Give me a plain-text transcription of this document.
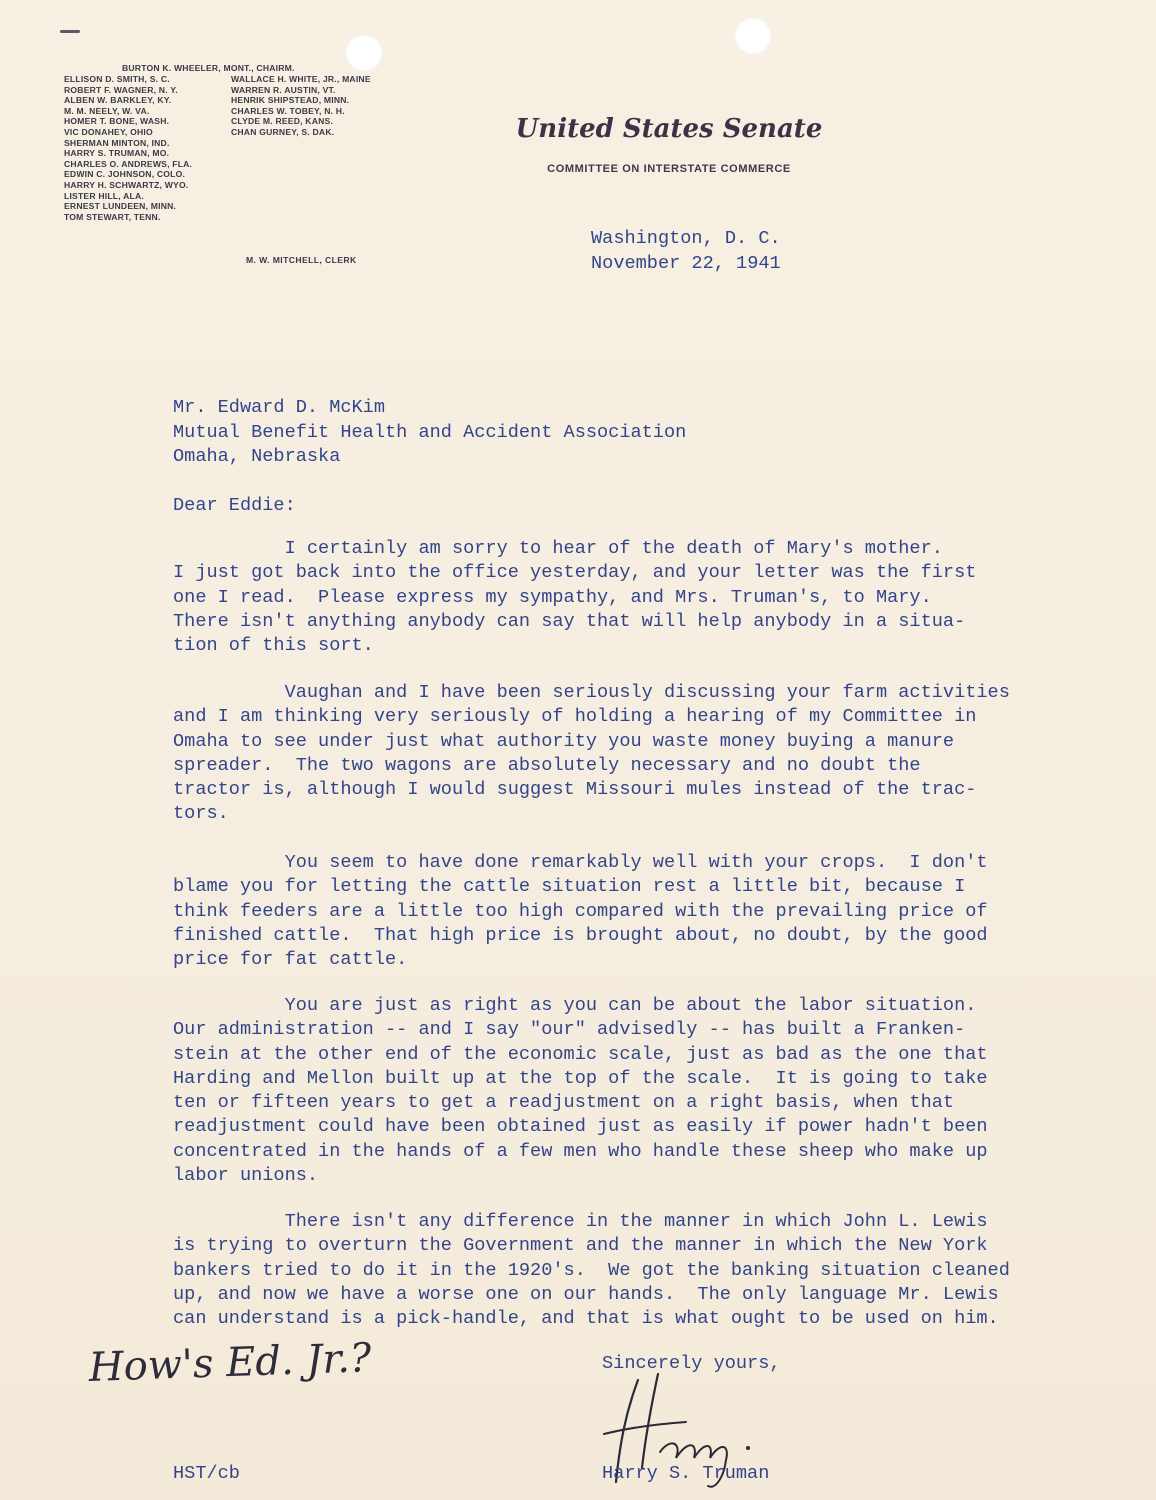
BURTON K. WHEELER, MONT., CHAIRM.
ELLISON D. SMITH, S. C.
ROBERT F. WAGNER, N. Y.
ALBEN W. BARKLEY, KY.
M. M. NEELY, W. VA.
HOMER T. BONE, WASH.
VIC DONAHEY, OHIO
SHERMAN MINTON, IND.
HARRY S. TRUMAN, MO.
CHARLES O. ANDREWS, FLA.
EDWIN C. JOHNSON, COLO.
HARRY H. SCHWARTZ, WYO.
LISTER HILL, ALA.
ERNEST LUNDEEN, MINN.
TOM STEWART, TENN.
WALLACE H. WHITE, JR., MAINE
WARREN R. AUSTIN, VT.
HENRIK SHIPSTEAD, MINN.
CHARLES W. TOBEY, N. H.
CLYDE M. REED, KANS.
CHAN GURNEY, S. DAK.
M. W. MITCHELL, CLERK
United States Senate
COMMITTEE ON INTERSTATE COMMERCE
Washington, D. C.
November 22, 1941
Mr. Edward D. McKim
Mutual Benefit Health and Accident Association
Omaha, Nebraska
Dear Eddie:
I certainly am sorry to hear of the death of Mary's mother.
I just got back into the office yesterday, and your letter was the first
one I read.  Please express my sympathy, and Mrs. Truman's, to Mary.
There isn't anything anybody can say that will help anybody in a situa-
tion of this sort.
Vaughan and I have been seriously discussing your farm activities
and I am thinking very seriously of holding a hearing of my Committee in
Omaha to see under just what authority you waste money buying a manure
spreader.  The two wagons are absolutely necessary and no doubt the
tractor is, although I would suggest Missouri mules instead of the trac-
tors.
You seem to have done remarkably well with your crops.  I don't
blame you for letting the cattle situation rest a little bit, because I
think feeders are a little too high compared with the prevailing price of
finished cattle.  That high price is brought about, no doubt, by the good
price for fat cattle.
You are just as right as you can be about the labor situation.
Our administration -- and I say "our" advisedly -- has built a Franken-
stein at the other end of the economic scale, just as bad as the one that
Harding and Mellon built up at the top of the scale.  It is going to take
ten or fifteen years to get a readjustment on a right basis, when that
readjustment could have been obtained just as easily if power hadn't been
concentrated in the hands of a few men who handle these sheep who make up
labor unions.
There isn't any difference in the manner in which John L. Lewis
is trying to overturn the Government and the manner in which the New York
bankers tried to do it in the 1920's.  We got the banking situation cleaned
up, and now we have a worse one on our hands.  The only language Mr. Lewis
can understand is a pick-handle, and that is what ought to be used on him.
How's Ed. Jr.?	Sincerely yours,
Harry S. Truman
HST/cb
